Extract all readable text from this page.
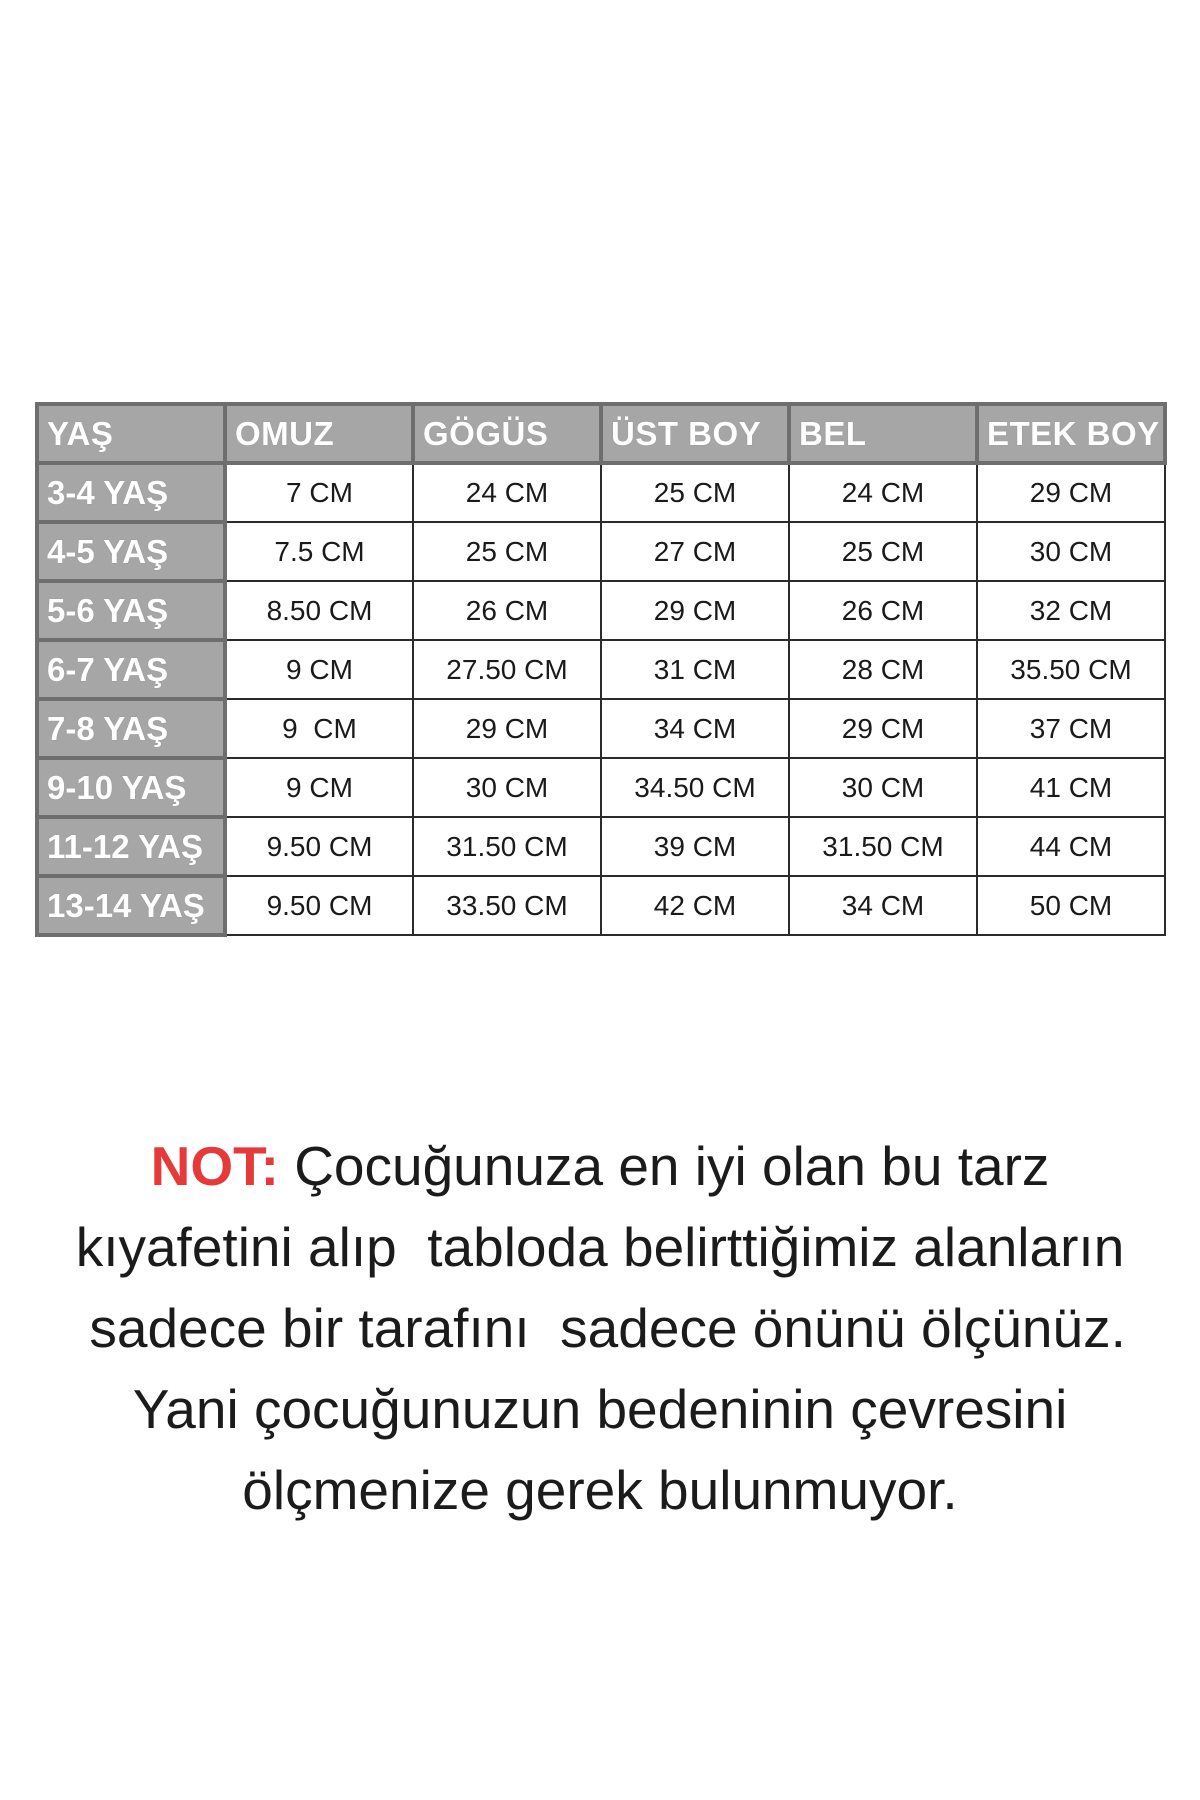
YAŞ	OMUZ	GÖGÜS	ÜST BOY	BEL	ETEK BOY
3-4 YAŞ	7 CM	24 CM	25 CM	24 CM	29 CM
4-5 YAŞ	7.5 CM	25 CM	27 CM	25 CM	30 CM
5-6 YAŞ	8.50 CM	26 CM	29 CM	26 CM	32 CM
6-7 YAŞ	9 CM	27.50 CM	31 CM	28 CM	35.50 CM
7-8 YAŞ	9  CM	29 CM	34 CM	29 CM	37 CM
9-10 YAŞ	9 CM	30 CM	34.50 CM	30 CM	41 CM
11-12 YAŞ	9.50 CM	31.50 CM	39 CM	31.50 CM	44 CM
13-14 YAŞ	9.50 CM	33.50 CM	42 CM	34 CM	50 CM
NOT: Çocuğunuza en iyi olan bu tarz
kıyafetini alıp  tabloda belirttiğimiz alanların
sadece bir tarafını  sadece önünü ölçünüz.
Yani çocuğunuzun bedeninin çevresini
ölçmenize gerek bulunmuyor.
